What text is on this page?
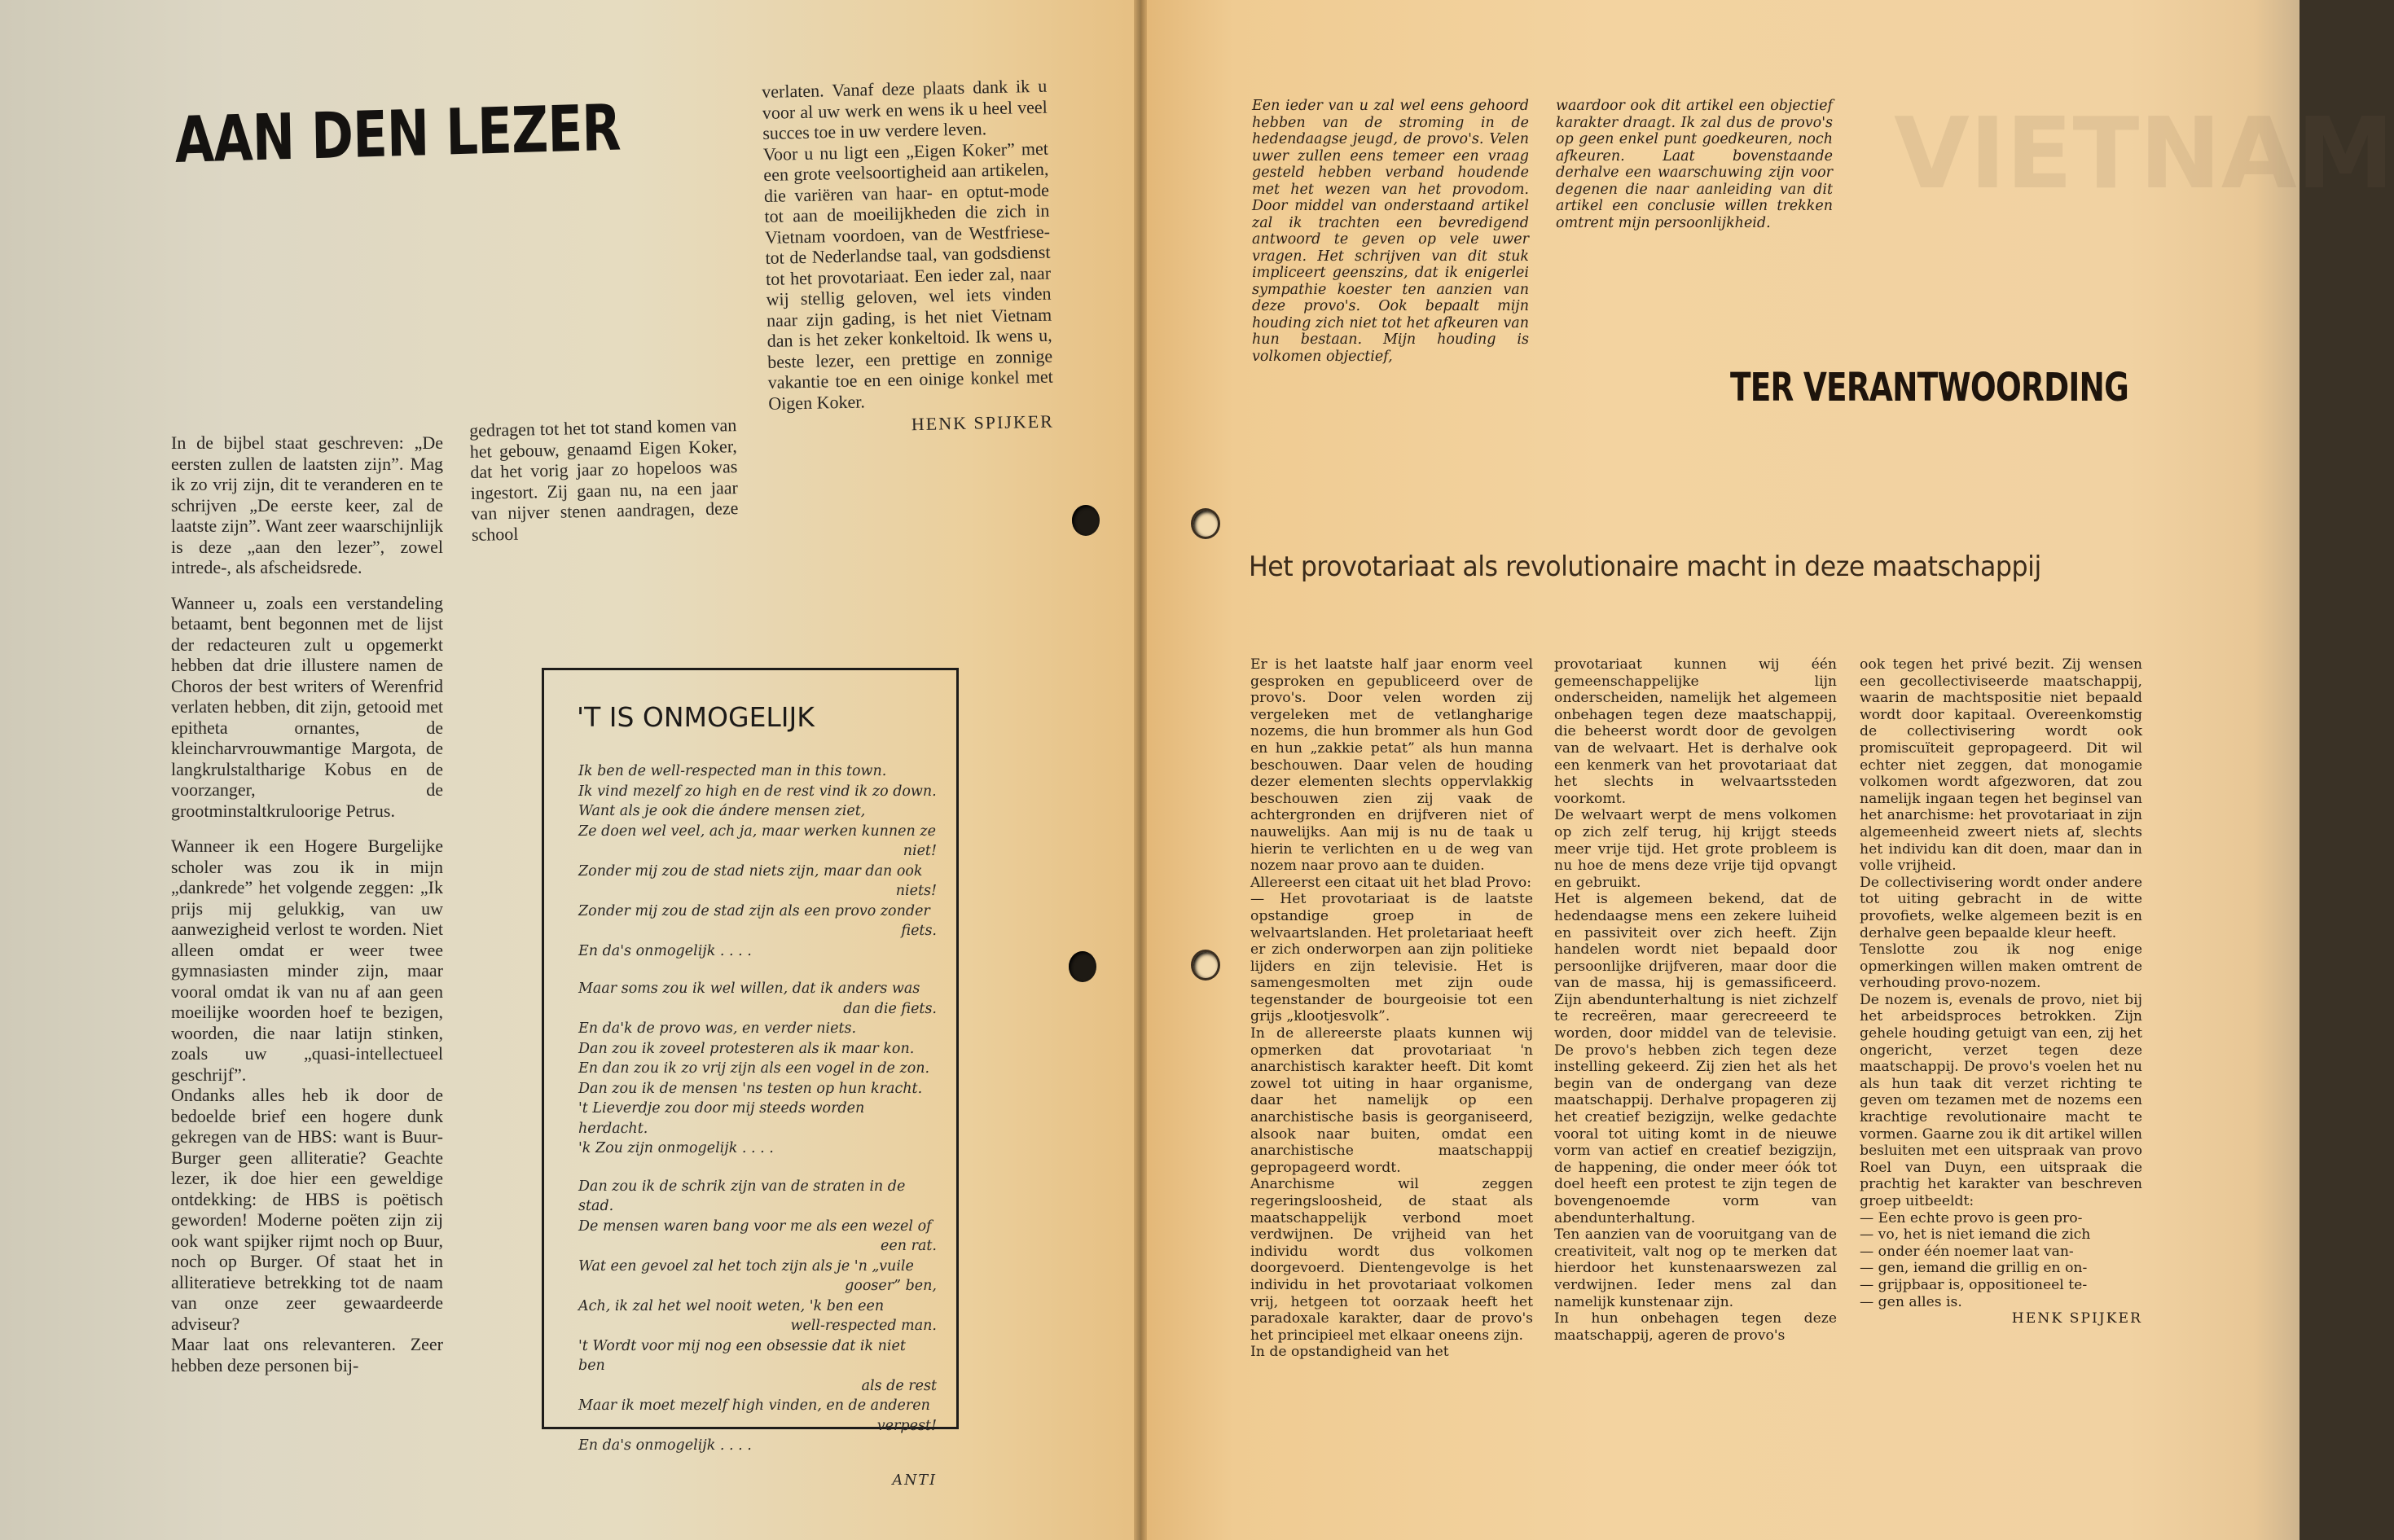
AAN DEN LEZER

In de bijbel staat geschreven: „De eersten zullen de laatsten zijn”. Mag ik zo vrij zijn, dit te veranderen en te schrijven „De eerste keer, zal de laatste zijn”. Want zeer waarschijnlijk is deze „aan den lezer”, zowel intrede-, als afscheidsrede.

Wanneer u, zoals een verstandeling betaamt, bent begonnen met de lijst der redacteuren zult u opgemerkt hebben dat drie illustere namen de Choros der best writers of Werenfrid verlaten hebben, dit zijn, getooid met epitheta ornantes, de kleincharvrouwmantige Margota, de langkrulstaltharige Kobus en de voorzanger, de grootminstaltkruloorige Petrus.

Wanneer ik een Hogere Burgelijke scholer was zou ik in mijn „dankrede” het volgende zeggen: „Ik prijs mij gelukkig, van uw aanwezigheid verlost te worden. Niet alleen omdat er weer twee gymnasiasten minder zijn, maar vooral omdat ik van nu af aan geen moeilijke woorden hoef te bezigen, woorden, die naar latijn stinken, zoals uw „quasi-intellectueel geschrijf”.

Ondanks alles heb ik door de bedoelde brief een hogere dunk gekregen van de HBS: want is Buur-Burger geen alliteratie? Geachte lezer, ik doe hier een geweldige ontdekking: de HBS is poëtisch geworden! Moderne poëten zijn zij ook want spijker rijmt noch op Buur, noch op Burger. Of staat het in alliteratieve betrekking tot de naam van onze zeer gewaardeerde adviseur?

Maar laat ons relevanteren. Zeer hebben deze personen bij-

gedragen tot het tot stand komen van het gebouw, genaamd Eigen Koker, dat het vorig jaar zo hopeloos was ingestort. Zij gaan nu, na een jaar van nijver stenen aandragen, deze school

verlaten. Vanaf deze plaats dank ik u voor al uw werk en wens ik u heel veel succes toe in uw verdere leven.

Voor u nu ligt een „Eigen Koker” met een grote veelsoortigheid aan artikelen, die variëren van haar- en optut-mode tot aan de moeilijkheden die zich in Vietnam voordoen, van de Westfriese- tot de Nederlandse taal, van godsdienst tot het provotariaat. Een ieder zal, naar wij stellig geloven, wel iets vinden naar zijn gading, is het niet Vietnam dan is het zeker konkeltoid. Ik wens u, beste lezer, een prettige en zonnige vakantie toe en een oinige konkel met Oigen Koker.

HENK SPIJKER

'T IS ONMOGELIJK
Ik ben de well-respected man in this town.
Ik vind mezelf zo high en de rest vind ik zo down.
Want als je ook die ándere mensen ziet,
Ze doen wel veel, ach ja, maar werken kunnen ze
niet!
Zonder mij zou de stad niets zijn, maar dan ook
niets!
Zonder mij zou de stad zijn als een provo zonder
fiets.
En da's onmogelijk . . . .
Maar soms zou ik wel willen, dat ik anders was
dan die fiets.
En da'k de provo was, en verder niets.
Dan zou ik zoveel protesteren als ik maar kon.
En dan zou ik zo vrij zijn als een vogel in de zon.
Dan zou ik de mensen 'ns testen op hun kracht.
't Lieverdje zou door mij steeds worden herdacht.
'k Zou zijn onmogelijk . . . .
Dan zou ik de schrik zijn van de straten in de stad.
De mensen waren bang voor me als een wezel of
een rat.
Wat een gevoel zal het toch zijn als je 'n „vuile
gooser” ben,
Ach, ik zal het wel nooit weten, 'k ben een
well-respected man.
't Wordt voor mij nog een obsessie dat ik niet ben
als de rest
Maar ik moet mezelf high vinden, en de anderen
verpest!
En da's onmogelijk . . . .
ANTI
VIETNAM
Een ieder van u zal wel eens gehoord hebben van de stroming in de hedendaagse jeugd, de provo's. Velen uwer zullen eens temeer een vraag gesteld hebben verband houdende met het wezen van het provodom. Door middel van onderstaand artikel zal ik trachten een bevredigend antwoord te geven op vele uwer vragen. Het schrijven van dit stuk impliceert geenszins, dat ik enigerlei sympathie koester ten aanzien van deze provo's. Ook bepaalt mijn houding zich niet tot het afkeuren van hun bestaan. Mijn houding is volkomen objectief,
waardoor ook dit artikel een objectief karakter draagt. Ik zal dus de provo's op geen enkel punt goedkeuren, noch afkeuren. Laat bovenstaande derhalve een waarschuwing zijn voor degenen die naar aanleiding van dit artikel een conclusie willen trekken omtrent mijn persoonlijkheid.
TER VERANTWOORDING
Het provotariaat als revolutionaire macht in deze maatschappij

Er is het laatste half jaar enorm veel gesproken en gepubliceerd over de provo's. Door velen worden zij vergeleken met de vetlangharige nozems, die hun brommer als hun God en hun „zakkie petat” als hun manna beschouwen. Daar velen de houding dezer elementen slechts oppervlakkig beschouwen zien zij vaak de achtergronden en drijfveren niet of nauwelijks. Aan mij is nu de taak u hierin te verlichten en u de weg van nozem naar provo aan te duiden.

Allereerst een citaat uit het blad Provo:

— Het provotariaat is de laatste opstandige groep in de welvaartslanden. Het proletariaat heeft er zich onderworpen aan zijn politieke lijders en zijn televisie. Het is samengesmolten met zijn oude tegenstander de bourgeoisie tot een grijs „klootjesvolk”.

In de allereerste plaats kunnen wij opmerken dat provotariaat 'n anarchistisch karakter heeft. Dit komt zowel tot uiting in haar organisme, daar het namelijk op een anarchistische basis is georganiseerd, alsook naar buiten, omdat een anarchistische maatschappij gepropageerd wordt.

Anarchisme wil zeggen regeringsloosheid, de staat als maatschappelijk verbond moet verdwijnen. De vrijheid van het individu wordt dus volkomen doorgevoerd. Dientengevolge is het individu in het provotariaat volkomen vrij, hetgeen tot oorzaak heeft het paradoxale karakter, daar de provo's het principieel met elkaar oneens zijn.

In de opstandigheid van het

provotariaat kunnen wij één gemeenschappelijke lijn onderscheiden, namelijk het algemeen onbehagen tegen deze maatschappij, die beheerst wordt door de gevolgen van de welvaart. Het is derhalve ook een kenmerk van het provotariaat dat het slechts in welvaartssteden voorkomt.

De welvaart werpt de mens volkomen op zich zelf terug, hij krijgt steeds meer vrije tijd. Het grote probleem is nu hoe de mens deze vrije tijd opvangt en gebruikt.

Het is algemeen bekend, dat de hedendaagse mens een zekere luiheid en passiviteit over zich heeft. Zijn handelen wordt niet bepaald door persoonlijke drijfveren, maar door die van de massa, hij is gemassificeerd. Zijn abendunterhaltung is niet zichzelf te recreëren, maar gerecreeerd te worden, door middel van de televisie. De provo's hebben zich tegen deze instelling gekeerd. Zij zien het als het begin van de ondergang van deze maatschappij. Derhalve propageren zij het creatief bezigzijn, welke gedachte vooral tot uiting komt in de nieuwe vorm van actief en creatief bezigzijn, de happening, die onder meer óók tot doel heeft een protest te zijn tegen de bovengenoemde vorm van abendunterhaltung.

Ten aanzien van de vooruitgang van de creativiteit, valt nog op te merken dat hierdoor het kunstenaarswezen zal verdwijnen. Ieder mens zal dan namelijk kunstenaar zijn.

In hun onbehagen tegen deze maatschappij, ageren de provo's

ook tegen het privé bezit. Zij wensen een gecollectiviseerde maatschappij, waarin de machtspositie niet bepaald wordt door kapitaal. Overeenkomstig de collectivisering wordt ook promiscuïteit gepropageerd. Dit wil echter niet zeggen, dat monogamie volkomen wordt afgezworen, dat zou namelijk ingaan tegen het beginsel van het anarchisme: het provotariaat in zijn algemeenheid zweert niets af, slechts het individu kan dit doen, maar dan in volle vrijheid.

De collectivisering wordt onder andere tot uiting gebracht in de witte provofiets, welke algemeen bezit is en derhalve geen bepaalde kleur heeft.

Tenslotte zou ik nog enige opmerkingen willen maken omtrent de verhouding provo-nozem.

De nozem is, evenals de provo, niet bij het arbeidsproces betrokken. Zijn gehele houding getuigt van een, zij het ongericht, verzet tegen deze maatschappij. De provo's voelen het nu als hun taak dit verzet richting te geven om tezamen met de nozems een krachtige revolutionaire macht te vormen. Gaarne zou ik dit artikel willen besluiten met een uitspraak van provo Roel van Duyn, een uitspraak die prachtig het karakter van beschreven groep uitbeeldt:

— Een echte provo is geen pro-

— vo, het is niet iemand die zich

— onder één noemer laat van-

— gen, iemand die grillig en on-

— grijpbaar is, oppositioneel te-

— gen alles is.

HENK SPIJKER
